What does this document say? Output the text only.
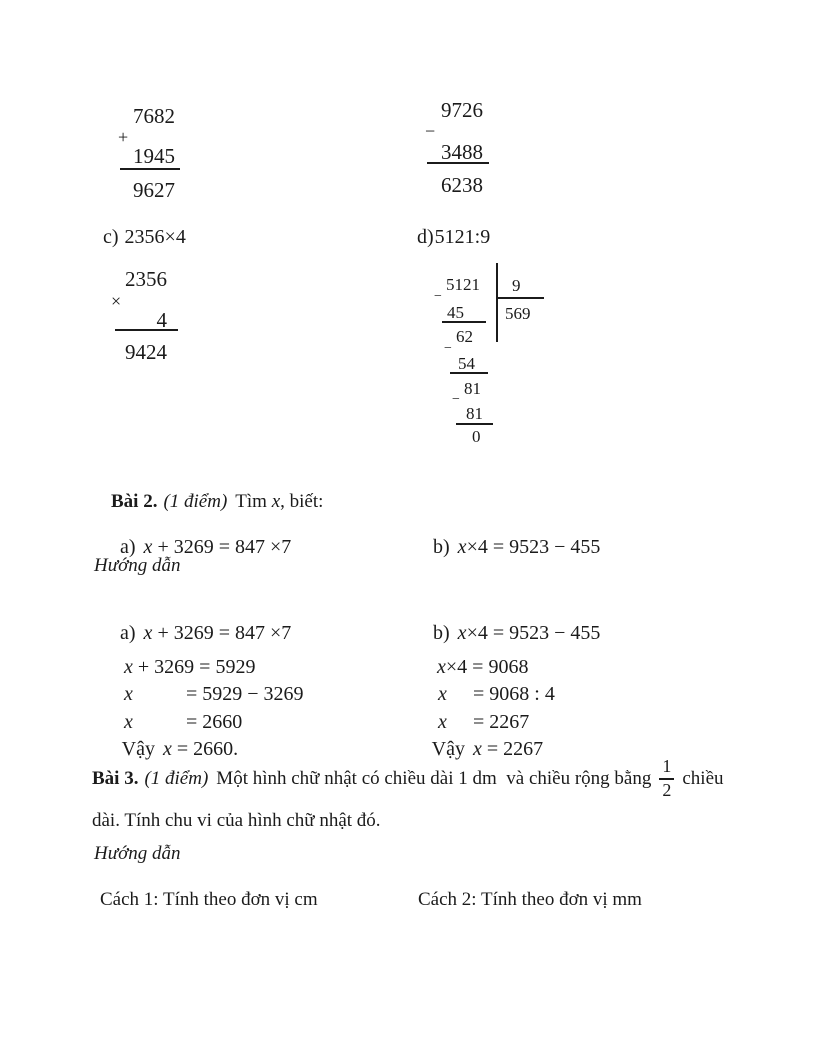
7682
+
1945
9627
9726
−
3488
6238
c) 2356×4	d) 5121:9
2356
×
4
9424
5121 9
569
−
45
62
−
54
81
−
81
0

Bài 2. (1 điểm) Tìm x, biết:

a) x + 3269 = 847 ×7
	b) x×4 = 9523 − 455

Hướng dẫn

a) x + 3269 = 847 ×7

x + 3269 = 5929

x	= 5929 − 3269

x	= 2660

Vậy x = 2660.

b) x×4 = 9523 − 455

x×4 = 9068

x = 9068 : 4

x = 2267

Vậy x = 2267

Bài 3. (1 điểm) Một hình chữ nhật có chiều dài 1 dm  và chiều rộng bằng $\frac{1}{2}$ chiều
dài. Tính chu vi của hình chữ nhật đó.
Hướng dẫn
Cách 1: Tính theo đơn vị cm	Cách 2: Tính theo đơn vị mm
